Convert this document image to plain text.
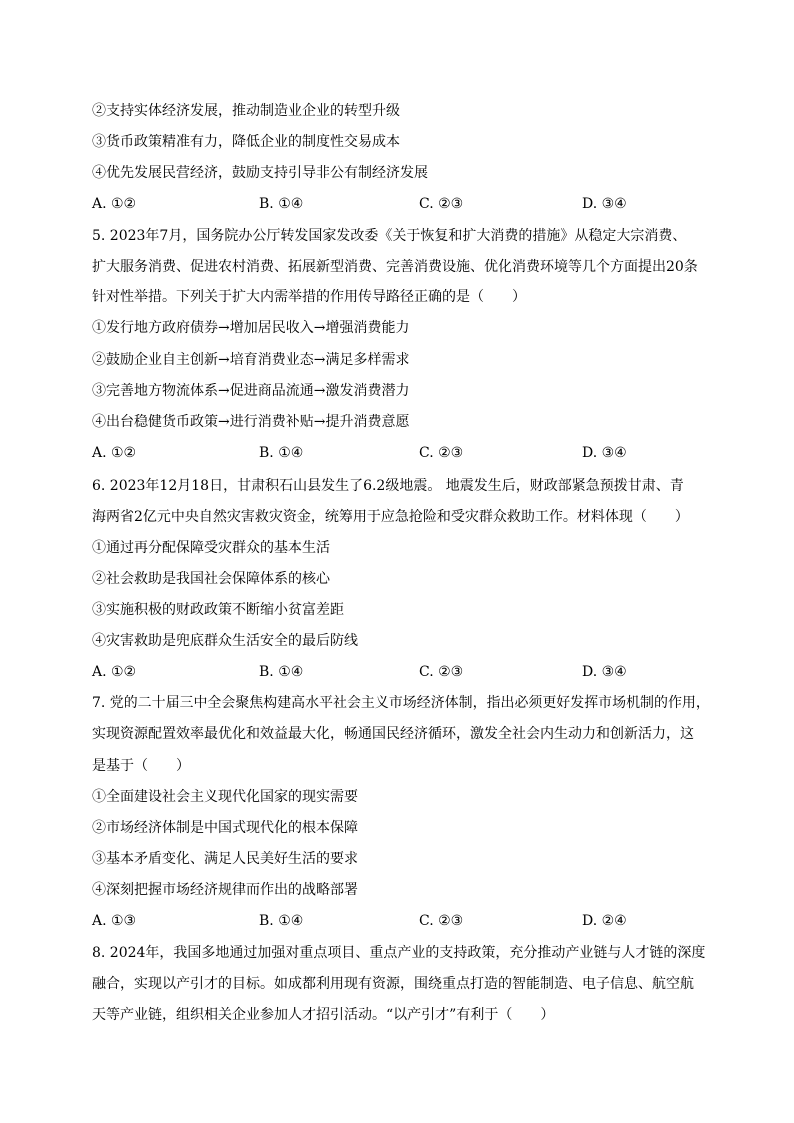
②支持实体经济发展，推动制造业企业的转型升级
③货币政策精准有力，降低企业的制度性交易成本
④优先发展民营经济，鼓励支持引导非公有制经济发展
A. ①②	B. ①④	C. ②③	D. ③④
5. 2023年7月，国务院办公厅转发国家发改委《关于恢复和扩大消费的措施》从稳定大宗消费、
扩大服务消费、促进农村消费、拓展新型消费、完善消费设施、优化消费环境等几个方面提出20条
针对性举措。下列关于扩大内需举措的作用传导路径正确的是（　　）
①发行地方政府债券→增加居民收入→增强消费能力
②鼓励企业自主创新→培育消费业态→满足多样需求
③完善地方物流体系→促进商品流通→激发消费潜力
④出台稳健货币政策→进行消费补贴→提升消费意愿
A. ①②	B. ①④	C. ②③	D. ③④
6. 2023年12月18日，甘肃积石山县发生了6.2级地震。 地震发生后，财政部紧急预拨甘肃、青
海两省2亿元中央自然灾害救灾资金，统筹用于应急抢险和受灾群众救助工作。材料体现（　　）
①通过再分配保障受灾群众的基本生活
②社会救助是我国社会保障体系的核心
③实施积极的财政政策不断缩小贫富差距
④灾害救助是兜底群众生活安全的最后防线
A. ①②	B. ①④	C. ②③	D. ③④
7. 党的二十届三中全会聚焦构建高水平社会主义市场经济体制，指出必须更好发挥市场机制的作用，
实现资源配置效率最优化和效益最大化，畅通国民经济循环，激发全社会内生动力和创新活力，这
是基于（　　）
①全面建设社会主义现代化国家的现实需要
②市场经济体制是中国式现代化的根本保障
③基本矛盾变化、满足人民美好生活的要求
④深刻把握市场经济规律而作出的战略部署
A. ①③	B. ①④	C. ②③	D. ②④
8. 2024年，我国多地通过加强对重点项目、重点产业的支持政策，充分推动产业链与人才链的深度
融合，实现以产引才的目标。如成都利用现有资源，围绕重点打造的智能制造、电子信息、航空航
天等产业链，组织相关企业参加人才招引活动。“以产引才”有利于（　　）
